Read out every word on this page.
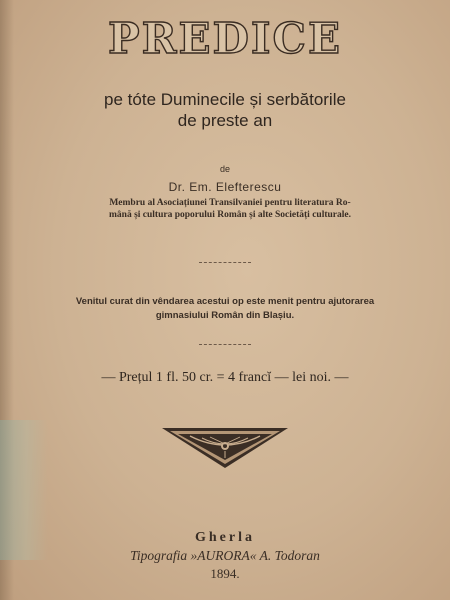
PREDICE
pe tóte Duminecile și serbătorile
de preste an
de
Dr. Em. Elefterescu
Membru al Asociațiunei Transilvaniei pentru literatura Ro-
mână și cultura poporului Român și alte Societăți culturale.
Venitul curat din vêndarea acestui op este menit pentru ajutorarea
gimnasiului Român din Blașiu.
— Prețul 1 fl. 50 cr. = 4 francĭ — lei noi. —
Gherla
Tipografia »AURORA« A. Todoran
1894.
